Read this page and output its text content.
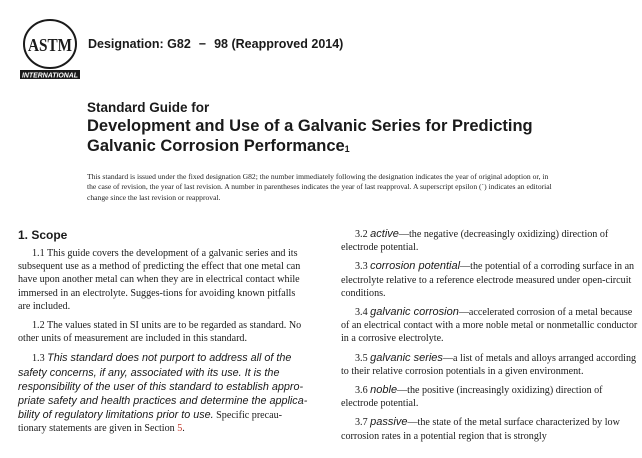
ASTM
INTERNATIONAL
Designation: G82 − 98 (Reapproved 2014)
Standard Guide for
Development and Use of a Galvanic Series for Predicting
Galvanic Corrosion Performance$_1$
This standard is issued under the fixed designation G82; the number immediately following the designation indicates the year of original adoption or, in the case of revision, the year of last revision. A number in parentheses indicates the year of last reapproval. A superscript epsilon (´) indicates an editorial change since the last revision or reapproval.
1. Scope

1.1 This guide covers the development of a galvanic series and its subsequent use as a method of predicting the effect that one metal can have upon another metal can when they are in electrical contact while immersed in an electrolyte. Sugges-tions for avoiding known pitfalls are included.

1.2 The values stated in SI units are to be regarded as standard. No other units of measurement are included in this standard.

1.3 This standard does not purport to address all of the safety concerns, if any, associated with its use. It is the responsibility of the user of this standard to establish appro-priate safety and health practices and determine the applica-bility of regulatory limitations prior to use. Specific precau-tionary statements are given in Section 5.

3.2 active—the negative (decreasingly oxidizing) direction of electrode potential.

3.3 corrosion potential—the potential of a corroding surface in an electrolyte relative to a reference electrode measured under open-circuit conditions.

3.4 galvanic corrosion—accelerated corrosion of a metal because of an electrical contact with a more noble metal or nonmetallic conductor in a corrosive electrolyte.

3.5 galvanic series—a list of metals and alloys arranged according to their relative corrosion potentials in a given environment.

3.6 noble—the positive (increasingly oxidizing) direction of electrode potential.

3.7 passive—the state of the metal surface characterized by low corrosion rates in a potential region that is strongly
